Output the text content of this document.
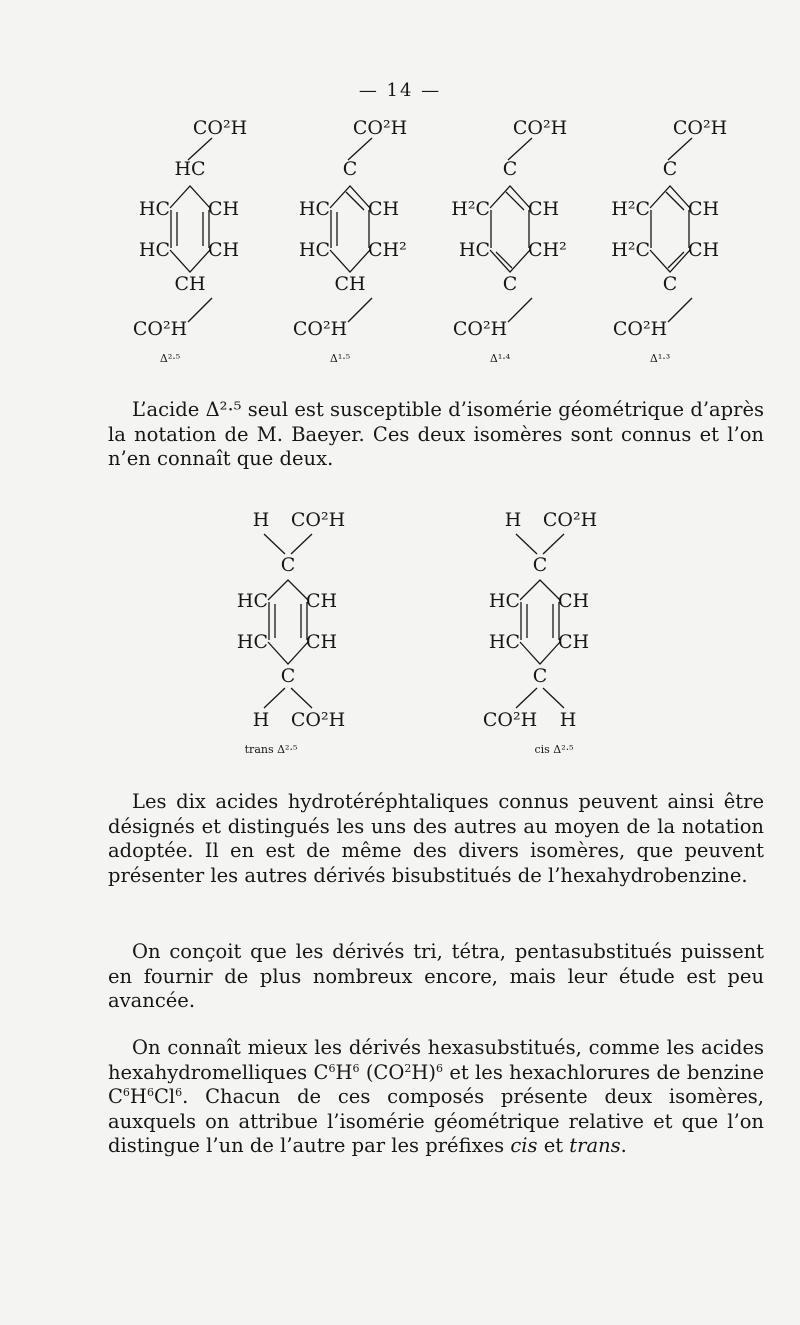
— 14 —
CO²H
HC
HC CH
HC CH
CH
CO²H
Δ²·⁵
CO²H
C
HC CH
HC CH²
CH
CO²H
Δ¹·⁵
CO²H
C
H²C CH
HC CH²
C
CO²H
Δ¹·⁴
CO²H
C
H²C CH
H²C CH
C
CO²H
Δ¹·³

L’acide Δ²·⁵ seul est susceptible d’isomérie géométrique d’après la notation de M. Baeyer. Ces deux isomères sont connus et l’on n’en connaît que deux.

H CO²H
C
HC CH
HC CH
C
H CO²H
trans Δ²·⁵
H CO²H
C
HC CH
HC CH
C
CO²H H
cis Δ²·⁵

Les dix acides hydrotéréphtaliques connus peuvent ainsi être désignés et distingués les uns des autres au moyen de la notation adoptée. Il en est de même des divers isomères, que peuvent présenter les autres dérivés bisubstitués de l’hexahydrobenzine.

On conçoit que les dérivés tri, tétra, pentasubstitués puissent en fournir de plus nombreux encore, mais leur étude est peu avancée.

On connaît mieux les dérivés hexasubstitués, comme les acides hexahydromelliques $C^6H^6$ $(CO^2H)^6$ et les hexachlorures de benzine $C^6H^6Cl^6$. Chacun de ces composés présente deux isomères, auxquels on attribue l’isomérie géométrique relative et que l’on distingue l’un de l’autre par les préfixes cis et trans.
